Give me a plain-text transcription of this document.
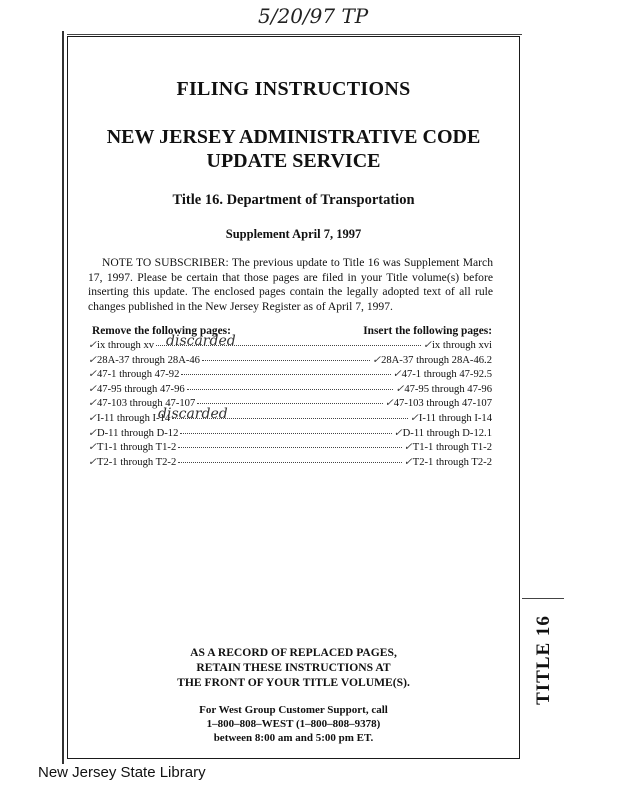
5/20/97 TP
FILING INSTRUCTIONS
NEW JERSEY ADMINISTRATIVE CODE
UPDATE SERVICE
Title 16. Department of Transportation
Supplement April 7, 1997
NOTE TO SUBSCRIBER: The previous update to Title 16 was Supplement March 17, 1997. Please be certain that those pages are filed in your Title volume(s) before inserting this update. The enclosed pages contain the legally adopted text of all rule changes published in the New Jersey Register as of April 7, 1997.
Remove the following pages:	Insert the following pages:
✓ ix through xv	✓ ix through xvi
discarded
✓ 28A-37 through 28A-46	✓ 28A-37 through 28A-46.2
✓ 47-1 through 47-92	✓ 47-1 through 47-92.5
✓ 47-95 through 47-96	✓ 47-95 through 47-96
✓ 47-103 through 47-107	✓ 47-103 through 47-107
✓ I-11 through I-14	✓ I-11 through I-14
discarded
✓ D-11 through D-12	✓ D-11 through D-12.1
✓ T1-1 through T1-2	✓ T1-1 through T1-2
✓ T2-1 through T2-2	✓ T2-1 through T2-2
AS A RECORD OF REPLACED PAGES,
RETAIN THESE INSTRUCTIONS AT
THE FRONT OF YOUR TITLE VOLUME(S).
For West Group Customer Support, call
1–800–808–WEST (1–800–808–9378)
between 8:00 am and 5:00 pm ET.
TITLE 16
New Jersey State Library
